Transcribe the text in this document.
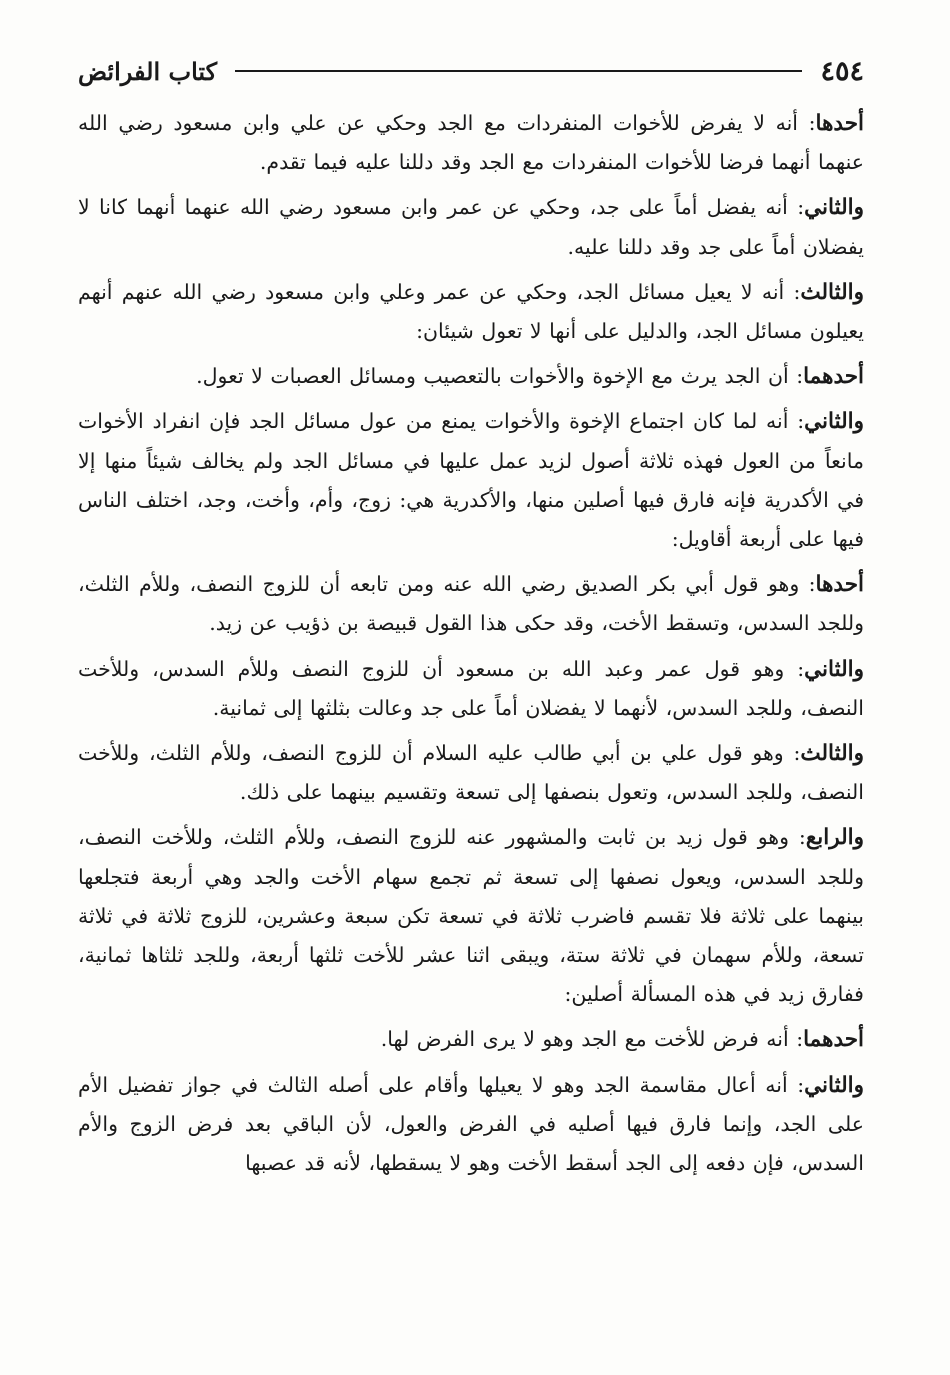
٤٥٤
كتاب الفرائض

أحدها: أنه لا يفرض للأخوات المنفردات مع الجد وحكي عن علي وابن مسعود رضي الله عنهما أنهما فرضا للأخوات المنفردات مع الجد وقد دللنا عليه فيما تقدم.

والثاني: أنه يفضل أماً على جد، وحكي عن عمر وابن مسعود رضي الله عنهما أنهما كانا لا يفضلان أماً على جد وقد دللنا عليه.

والثالث: أنه لا يعيل مسائل الجد، وحكي عن عمر وعلي وابن مسعود رضي الله عنهم أنهم يعيلون مسائل الجد، والدليل على أنها لا تعول شيئان:

أحدهما: أن الجد يرث مع الإخوة والأخوات بالتعصيب ومسائل العصبات لا تعول.

والثاني: أنه لما كان اجتماع الإخوة والأخوات يمنع من عول مسائل الجد فإن انفراد الأخوات مانعاً من العول فهذه ثلاثة أصول لزيد عمل عليها في مسائل الجد ولم يخالف شيئاً منها إلا في الأكدرية فإنه فارق فيها أصلين منها، والأكدرية هي: زوج، وأم، وأخت، وجد، اختلف الناس فيها على أربعة أقاويل:

أحدها: وهو قول أبي بكر الصديق رضي الله عنه ومن تابعه أن للزوج النصف، وللأم الثلث، وللجد السدس، وتسقط الأخت، وقد حكى هذا القول قبيصة بن ذؤيب عن زيد.

والثاني: وهو قول عمر وعبد الله بن مسعود أن للزوج النصف وللأم السدس، وللأخت النصف، وللجد السدس، لأنهما لا يفضلان أماً على جد وعالت بثلثها إلى ثمانية.

والثالث: وهو قول علي بن أبي طالب عليه السلام أن للزوج النصف، وللأم الثلث، وللأخت النصف، وللجد السدس، وتعول بنصفها إلى تسعة وتقسيم بينهما على ذلك.

والرابع: وهو قول زيد بن ثابت والمشهور عنه للزوج النصف، وللأم الثلث، وللأخت النصف، وللجد السدس، ويعول نصفها إلى تسعة ثم تجمع سهام الأخت والجد وهي أربعة فتجلعها بينهما على ثلاثة فلا تقسم فاضرب ثلاثة في تسعة تكن سبعة وعشرين، للزوج ثلاثة في ثلاثة تسعة، وللأم سهمان في ثلاثة ستة، ويبقى اثنا عشر للأخت ثلثها أربعة، وللجد ثلثاها ثمانية، ففارق زيد في هذه المسألة أصلين:

أحدهما: أنه فرض للأخت مع الجد وهو لا يرى الفرض لها.

والثاني: أنه أعال مقاسمة الجد وهو لا يعيلها وأقام على أصله الثالث في جواز تفضيل الأم على الجد، وإنما فارق فيها أصليه في الفرض والعول، لأن الباقي بعد فرض الزوج والأم السدس، فإن دفعه إلى الجد أسقط الأخت وهو لا يسقطها، لأنه قد عصبها
